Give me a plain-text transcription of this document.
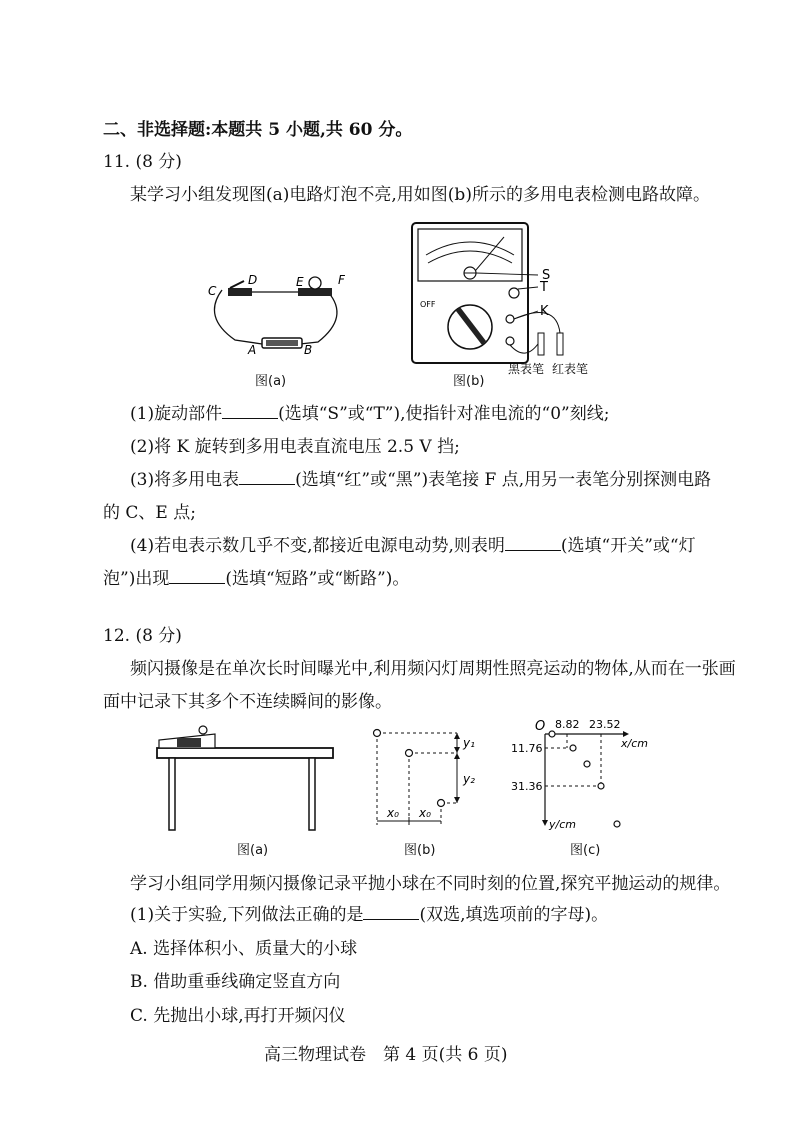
二、非选择题:本题共 5 小题,共 60 分。
11. (8 分)
某学习小组发现图(a)电路灯泡不亮,用如图(b)所示的多用电表检测电路故障。
C
D	E	F
A	B
图(a)
OFF
S
T
K
黑表笔 红表笔
图(b)
(1)旋动部件	(选填“S”或“T”),使指针对准电流的“0”刻线;
(2)将 K 旋转到多用电表直流电压 2.5 V 挡;
(3)将多用电表	(选填“红”或“黑”)表笔接 F 点,用另一表笔分别探测电路
的 C、E 点;
(4)若电表示数几乎不变,都接近电源电动势,则表明	(选填“开关”或“灯
泡”)出现	(选填“短路”或“断路”)。
12. (8 分)
频闪摄像是在单次长时间曝光中,利用频闪灯周期性照亮运动的物体,从而在一张画
面中记录下其多个不连续瞬间的影像。
图(a)
y₁
y₂
x₀ x₀
图(b)
O 8.82 23.52
x/cm
11.76
31.36
y/cm
图(c)
学习小组同学用频闪摄像记录平抛小球在不同时刻的位置,探究平抛运动的规律。
(1)关于实验,下列做法正确的是	(双选,填选项前的字母)。
A. 选择体积小、质量大的小球
B. 借助重垂线确定竖直方向
C. 先抛出小球,再打开频闪仪
高三物理试卷　第 4 页(共 6 页)
